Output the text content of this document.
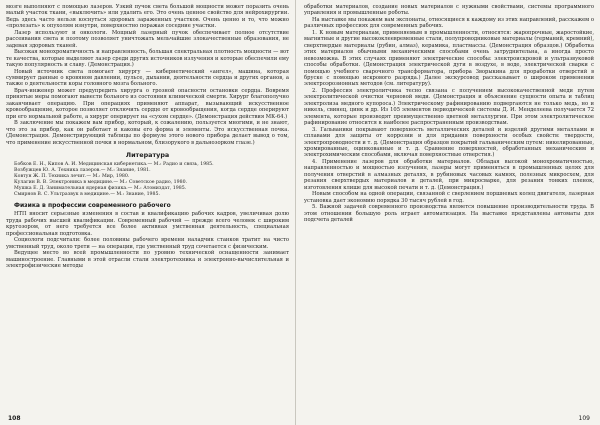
мозге выполняют с помощью лазеров. Узкий пучок света большой мощности может поразить очень малый участок ткани, «выключить» или удалить его. Это очень ценное свойство для нейрохирургии. Ведь здесь часто нельзя коснуться здоровых зараженных участков. Очень ценно и то, что можно «пролезать» к опухолям изнутри, поверхностно поражая соседние участки.

Лазер используют и онкологи. Мощный лазерный пучок обеспечивает полное отсутствие рассеивания света и поэтому позволяет уничтожать мельчайшие злокачественные образования, не задевая здоровых тканей.

Высокая монохроматичность и направленность, большая спектральная плотность мощности — вот те качества, которые выделяют лазер среди других источников излучения и которые обеспечили ему такую популярность и славу. (Демонстрация.)

Новый источник света помогает хирургу — кибернетический «ангел», машина, которая суммирует данные о кровяном давлении, пульсе, дыхании, деятельности сердца и других органов, а также о деятельности коры головного мозга больного.

Врач-инженер может предупредить хирурга о грозной опасности остановки сердца. Вовремя принятые меры помогают вывести больного из состояния клинической смерти. Хирург благополучно заканчивает операцию. При операциях применяют аппарат, вызывающий искусственное кровообращение, которое позволяет отключить сердце от кровообращения, когда сердце оперируют при его нормальной работе, а хирург оперирует на «сухом сердце». (Демонстрация действия МК-64.)

В заключение мы покажем вам прибор, который, к сожалению, пользуется многими, и не знают, что это за прибор, как он работает и каковы его форма и элементы. Это искусственная почка. (Демонстрация. Демонстрирующий таблицы по формуле этого нового прибора делает вывод о том, что применение искусственной почки в нормальном, близорукого в дальнозорком глазе.)

Литература

Бобков Е. Н., Кипов А. И. Медицинская кибернетика.— М.: Радио и связь, 1985.

Возбужцев Ю. А. Техника лазеров.— М.: Знание, 1981.

Ковтун Ж. П. Техника лечит.— М.: Мир, 1980.

Кулагин В. В. Электроника в медицине.— М.: Советское радио, 1980.

Мушка Е. Д. Занимательная ядерная физика.— М.: Атомиздат, 1985.

Смирнов В. С. Ультразвук в медицине.— М.: Знание, 1985.

Физика в профессии современного рабочего

НТП вносит серьезные изменения в состав и квалификацию рабочих кадров, увеличивая долю труда рабочих высшей квалификации. Современный рабочий — прежде всего человек с широким кругозором, от него требуется все более активная умственная деятельность, специальная профессиональная подготовка.

Социологи подсчитали: более половины рабочего времени наладчик станков тратит на чисто умственный труд, около трети — на операции, где умственный труд сочетается с физическим.

Ведущее место во всей промышленности по уровню технической оснащенности занимает машиностроение. Главными в этой отрасли стали электротехника и электронно-вычислительная и электрофизические методы

108

обработки материалов, создание новых материалов с нужными свойствами, системы программного управления и промышленные роботы.

На выставке мы покажем вам экспонаты, относящиеся к каждому из этих направлений, расскажем о различных профессиях для современных рабочих.

1. К новым материалам, применяемым в промышленности, относятся: жаропрочные, жаростойкие, магнитные и другие высококлеевременные стали, полупроводниковые материалы (германий, кремний), сверхтвердые материалы (рубин, алмаз), керамика, пластмассы. (Демонстрация образцов.) Обработка этих материалов обычными механическими способами очень затруднительна, а иногда просто невозможна. В этих случаях применяют электрические способы: электроискровой и ультразвуковой способы обработки. (Демонстрация электрической дуги в воздухе, в воде, электрической сварки с помощью учебного сварочного трансформатора, прибора Зворыкина для проработки отверстий в бруске с помощью искрового разряда.) Далее экскурсовод рассказывает о широком применении электроэрозионных методов (см. литературу).

2. Профессия электролитчика тесно связана с получением высококачественной меди путем электролитической очистки черновой меди. (Демонстрация и объяснение сущности опыта и таблиц электролиза медного купороса.) Электрическому рафинированию подвергаются не только медь, но и никель, свинец, цинк и др. Из 105 элементов периодической системы Д. И. Менделеева получается 72 элемента, которые производят преимущественно цветной металлургии. При этом электролитическое рафинирование относится к наиболее распространенным производствам.

3. Гальваники покрывают поверхность металлических деталей и изделий другими металлами и сплавами для защиты от коррозии и для придания поверхности особых свойств: твердости, электропроводности и т. д. (Демонстрация образцов покрытий гальваническим путем: никелированные, хромированные, оцинкованные и т. д. Сравнение поверхностей, обработанных механическим и электрохимическим способами, включая поверхностные отверстия.)

4. Применение лазеров для обработки материалов. Обладая высокой монохроматичностью, направленностью и мощностью излучения, лазеры могут применяться в промышленных целях для получения отверстий в алмазных деталях, в рубиновых часовых камнях, полезных микросхем, для резания сверхтвердых материалов и деталей, при микросварке, для резания тонких пленок, изготовления клише для высокой печати и т. д. (Демонстрация.)

Новым способом на одной операции, связанной с сверлением поршневых колец двигателя, лазерная установка дает экономию порядка 30 тысяч рублей в год.

5. Важной задачей современного производства является повышение производительности труда. В этом отношении большую роль играет автоматизация. На выставке представлены автоматы для подсчета деталей

109
